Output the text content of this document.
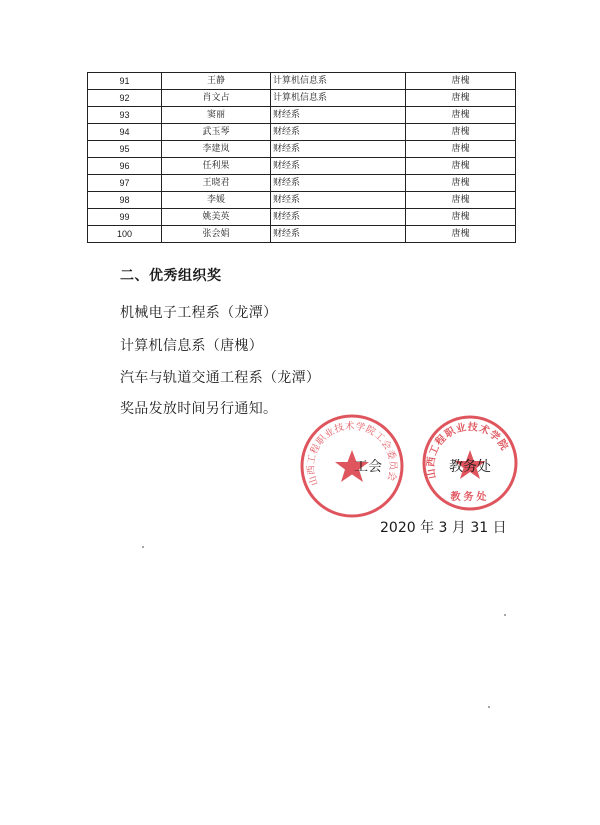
91	王静	计算机信息系	唐槐
92	肖文占	计算机信息系	唐槐
93	窦丽	财经系	唐槐
94	武玉琴	财经系	唐槐
95	李建岚	财经系	唐槐
96	任利果	财经系	唐槐
97	王晓君	财经系	唐槐
98	李媛	财经系	唐槐
99	姚美英	财经系	唐槐
100	张会娟	财经系	唐槐
二、优秀组织奖
机械电子工程系（龙潭）
计算机信息系（唐槐）
汽车与轨道交通工程系（龙潭）
奖品发放时间另行通知。
山西工程职业技术学院工会委员会	山西工程职业技术学院
教务处
工会	教务处
2020 年 3 月 31 日
